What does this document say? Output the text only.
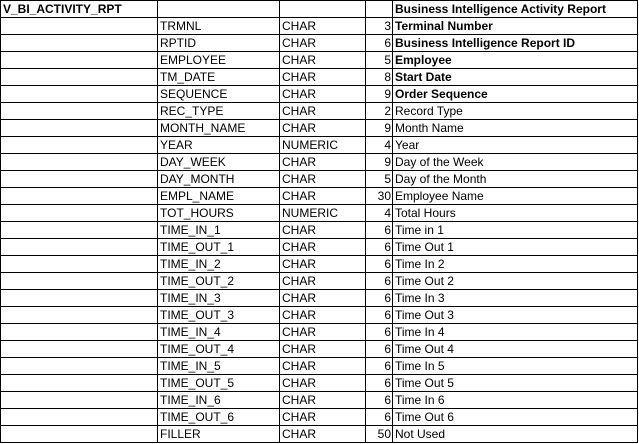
V_BI_ACTIVITY_RPT				Business Intelligence Activity Report
	TRMNL	CHAR	3	Terminal Number
	RPTID	CHAR	6	Business Intelligence Report ID
	EMPLOYEE	CHAR	5	Employee
	TM_DATE	CHAR	8	Start Date
	SEQUENCE	CHAR	9	Order Sequence
	REC_TYPE	CHAR	2	Record Type
	MONTH_NAME	CHAR	9	Month Name
	YEAR	NUMERIC	4	Year
	DAY_WEEK	CHAR	9	Day of the Week
	DAY_MONTH	CHAR	5	Day of the Month
	EMPL_NAME	CHAR	30	Employee Name
	TOT_HOURS	NUMERIC	4	Total Hours
	TIME_IN_1	CHAR	6	Time in 1
	TIME_OUT_1	CHAR	6	Time Out 1
	TIME_IN_2	CHAR	6	Time In 2
	TIME_OUT_2	CHAR	6	Time Out 2
	TIME_IN_3	CHAR	6	Time In 3
	TIME_OUT_3	CHAR	6	Time Out 3
	TIME_IN_4	CHAR	6	Time In 4
	TIME_OUT_4	CHAR	6	Time Out 4
	TIME_IN_5	CHAR	6	Time In 5
	TIME_OUT_5	CHAR	6	Time Out 5
	TIME_IN_6	CHAR	6	Time In 6
	TIME_OUT_6	CHAR	6	Time Out 6
	FILLER	CHAR	50	Not Used
